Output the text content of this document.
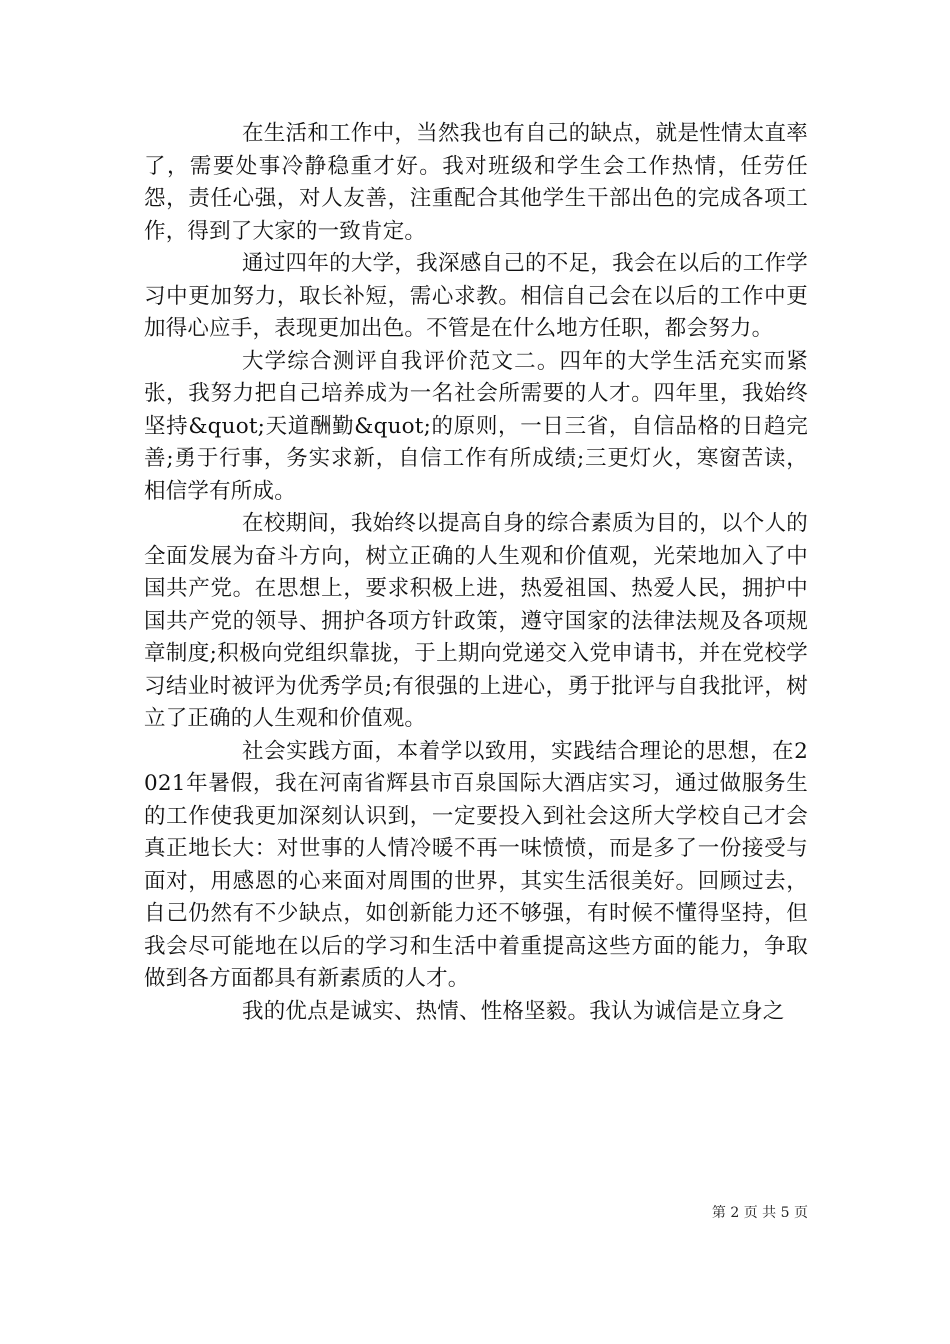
在生活和工作中，当然我也有自己的缺点，就是性情太直率了，需要处事冷静稳重才好。我对班级和学生会工作热情，任劳任怨，责任心强，对人友善，注重配合其他学生干部出色的完成各项工作，得到了大家的一致肯定。

通过四年的大学，我深感自己的不足，我会在以后的工作学习中更加努力，取长补短，需心求教。相信自己会在以后的工作中更加得心应手，表现更加出色。不管是在什么地方任职，都会努力。

大学综合测评自我评价范文二。四年的大学生活充实而紧张，我努力把自己培养成为一名社会所需要的人才。四年里，我始终坚持&quot;天道酬勤&quot;的原则，一日三省，自信品格的日趋完善;勇于行事，务实求新，自信工作有所成绩;三更灯火，寒窗苦读，相信学有所成。

在校期间，我始终以提高自身的综合素质为目的，以个人的全面发展为奋斗方向，树立正确的人生观和价值观，光荣地加入了中国共产党。在思想上，要求积极上进，热爱祖国、热爱人民，拥护中国共产党的领导、拥护各项方针政策，遵守国家的法律法规及各项规章制度;积极向党组织靠拢，于上期向党递交入党申请书，并在党校学习结业时被评为优秀学员;有很强的上进心，勇于批评与自我批评，树立了正确的人生观和价值观。

社会实践方面，本着学以致用，实践结合理论的思想，在2021年暑假，我在河南省辉县市百泉国际大酒店实习，通过做服务生的工作使我更加深刻认识到，一定要投入到社会这所大学校自己才会真正地长大：对世事的人情冷暖不再一味愤愤，而是多了一份接受与面对，用感恩的心来面对周围的世界，其实生活很美好。回顾过去，自己仍然有不少缺点，如创新能力还不够强，有时候不懂得坚持，但我会尽可能地在以后的学习和生活中着重提高这些方面的能力，争取做到各方面都具有新素质的人才。

我的优点是诚实、热情、性格坚毅。我认为诚信是立身之

第 2 页 共 5 页
